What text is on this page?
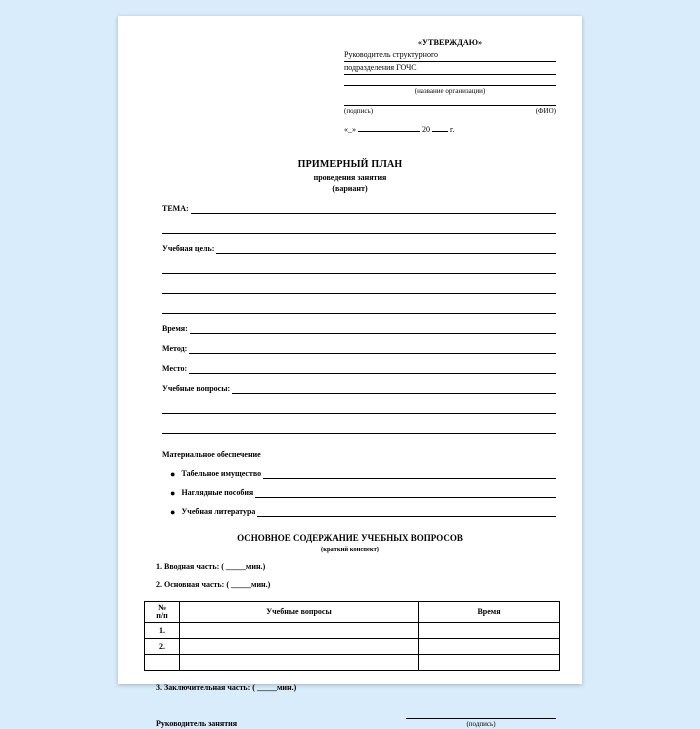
«УТВЕРЖДАЮ»
Руководитель структурного
подразделения ГОЧС
(название организации)
(подпись)	(ФИО)
«_»	20	г.
ПРИМЕРНЫЙ ПЛАН
проведения занятия
(вариант)
ТЕМА:
Учебная цель:
Время:
Метод:
Место:
Учебные вопросы:
Материальное обеспечение
● Табельное имущество
● Наглядные пособия
● Учебная литература
ОСНОВНОЕ СОДЕРЖАНИЕ УЧЕБНЫХ ВОПРОСОВ
(краткий конспект)
1. Вводная часть: ( _____мин.)
2. Основная часть: ( _____мин.)
№
п/п	Учебные вопросы	Время
1.		
2.		

3. Заключительная часть: ( _____мин.)
Руководитель занятия	(подпись)
